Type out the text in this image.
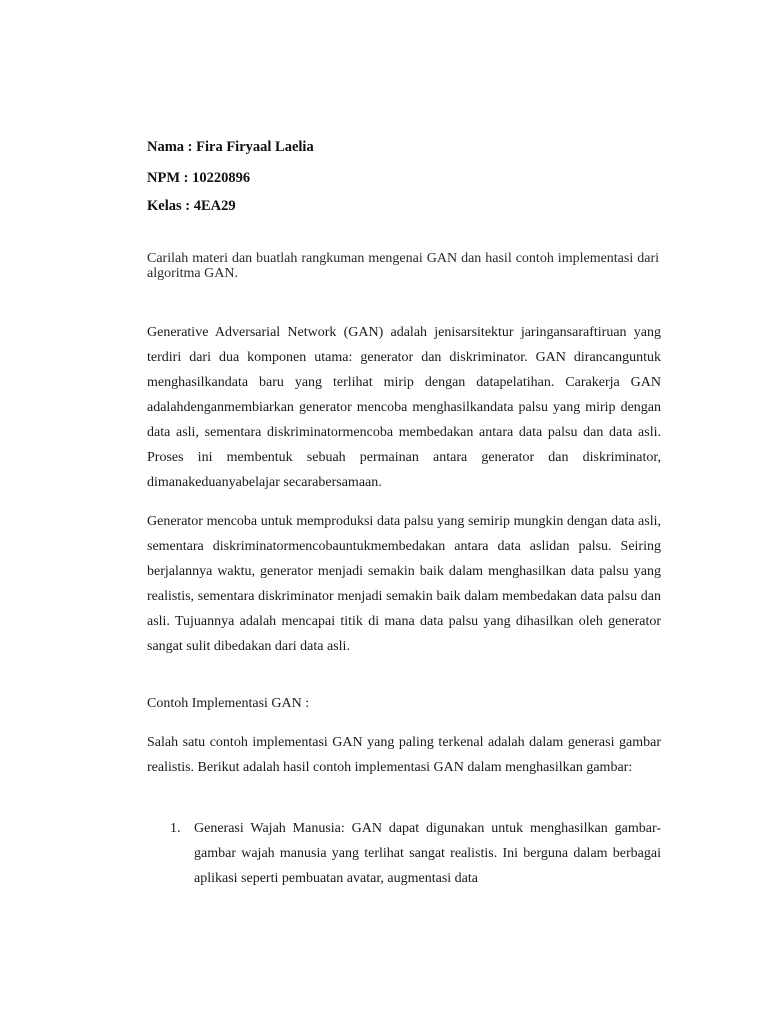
Nama : Fira Firyaal Laelia
NPM : 10220896
Kelas : 4EA29
Carilah materi dan buatlah rangkuman mengenai GAN dan hasil contoh implementasi dari algoritma GAN.
Generative Adversarial Network (GAN) adalah jenisarsitektur jaringansaraftiruan yang terdiri dari dua komponen utama: generator dan diskriminator. GAN dirancanguntuk menghasilkandata baru yang terlihat mirip dengan datapelatihan. Carakerja GAN adalahdenganmembiarkan generator mencoba menghasilkandata palsu yang mirip dengan data asli, sementara diskriminatormencoba membedakan antara data palsu dan data asli. Proses ini membentuk sebuah permainan antara generator dan diskriminator, dimanakeduanyabelajar secarabersamaan.
Generator mencoba untuk memproduksi data palsu yang semirip mungkin dengan data asli, sementara diskriminatormencobauntukmembedakan antara data aslidan palsu. Seiring berjalannya waktu, generator menjadi semakin baik dalam menghasilkan data palsu yang realistis, sementara diskriminator menjadi semakin baik dalam membedakan data palsu dan asli. Tujuannya adalah mencapai titik di mana data palsu yang dihasilkan oleh generator sangat sulit dibedakan dari data asli.
Contoh Implementasi GAN :
Salah satu contoh implementasi GAN yang paling terkenal adalah dalam generasi gambar realistis. Berikut adalah hasil contoh implementasi GAN dalam menghasilkan gambar:
1. Generasi Wajah Manusia: GAN dapat digunakan untuk menghasilkan gambar-gambar wajah manusia yang terlihat sangat realistis. Ini berguna dalam berbagai aplikasi seperti pembuatan avatar, augmentasi data
